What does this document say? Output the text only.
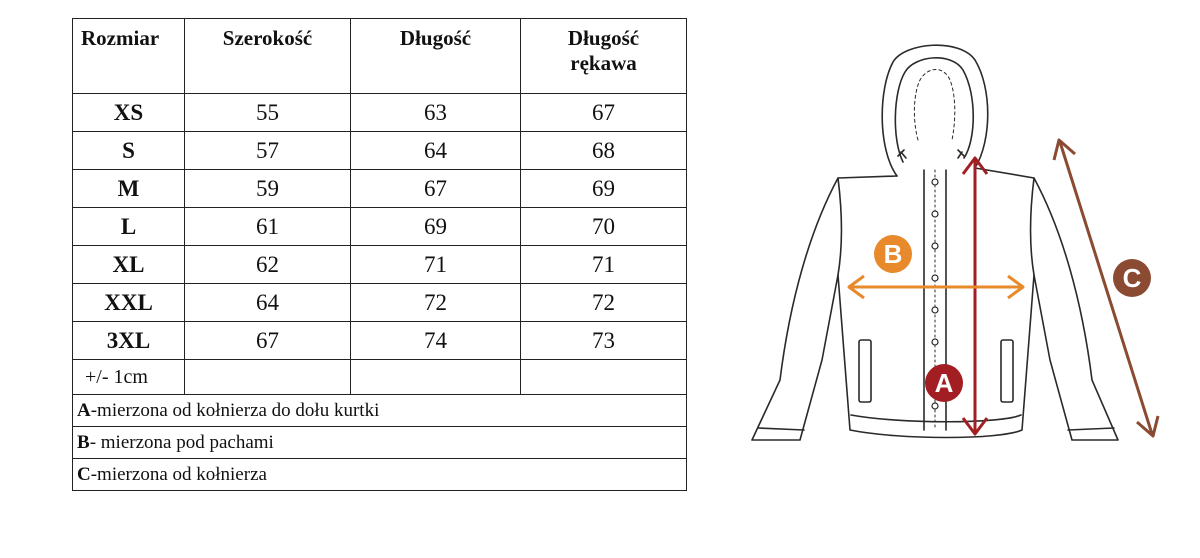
Rozmiar	Szerokość	Długość	Długość rękawa
XS	55	63	67
S	57	64	68
M	59	67	69
L	61	69	70
XL	62	71	71
XXL	64	72	72
3XL	67	74	73
+/- 1cm			
A-mierzona od kołnierza do dołu kurtki			
B- mierzona pod pachami			
C-mierzona od kołnierza			
A
B
C
